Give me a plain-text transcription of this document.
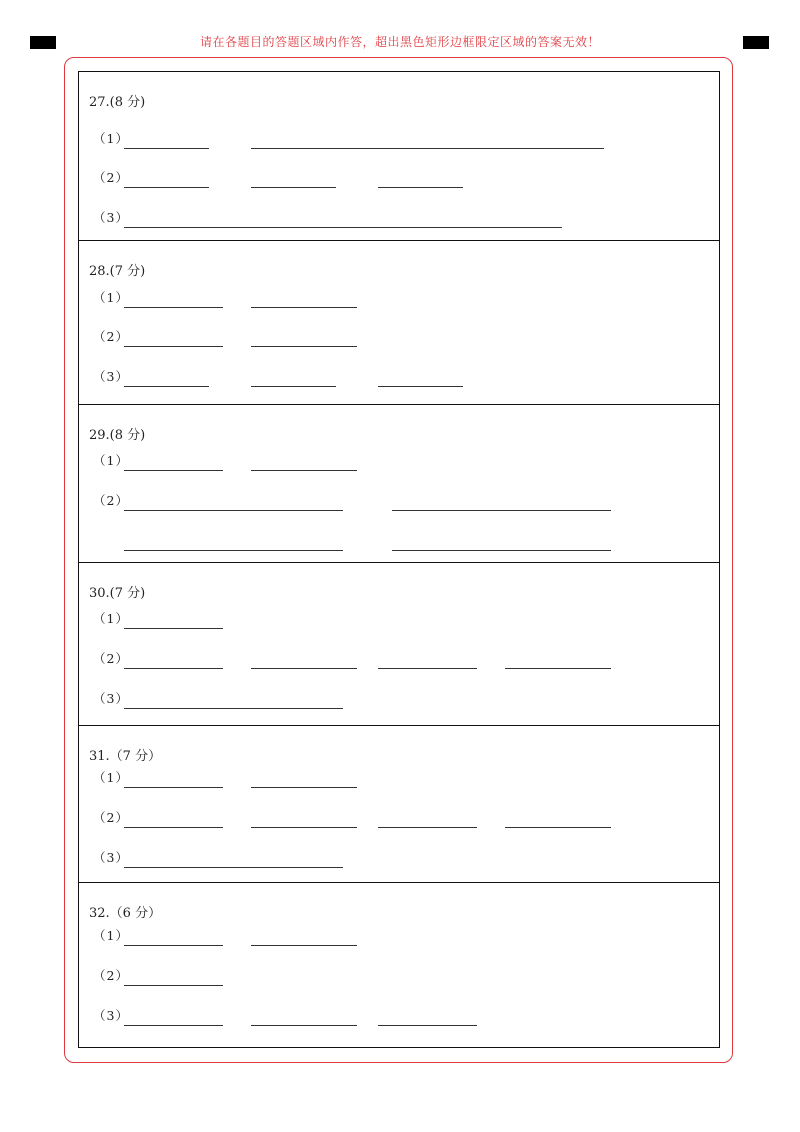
请在各题目的答题区域内作答，超出黑色矩形边框限定区域的答案无效！
27.(8 分)
（1）
（2）
（3）
28.(7 分)
（1）
（2）
（3）
29.(8 分)
（1）
（2）
30.(7 分)
（1）
（2）
（3）
31.（7 分）
（1）
（2）
（3）
32.（6 分）
（1）
（2）
（3）
